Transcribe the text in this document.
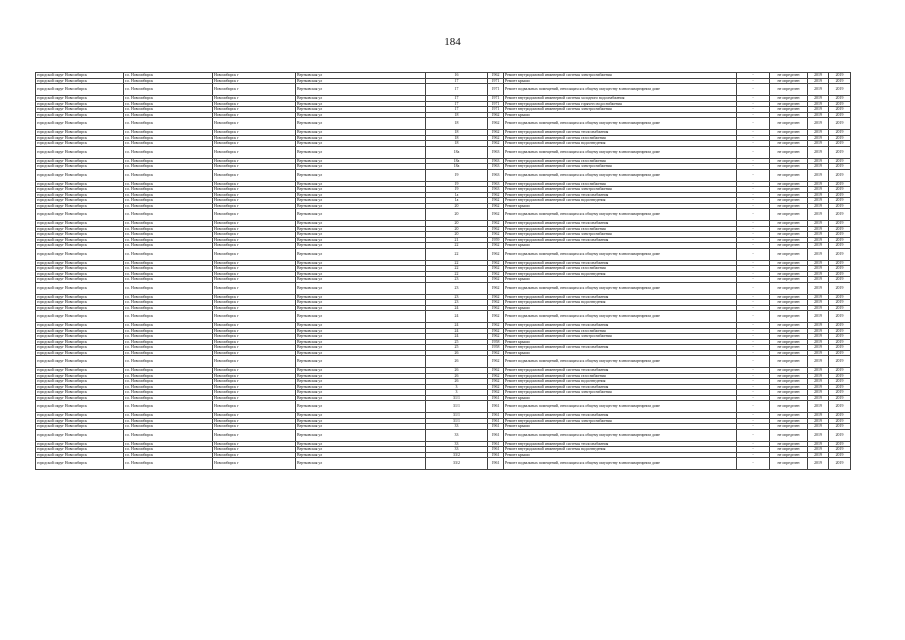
184
городской округ Новосибирск	г.о. Новосибирск	Новосибирск г	Вертковская ул	16	1962	Ремонт внутридомовой инженерной системы электроснабжения	-	не определен	2019	2019
городской округ Новосибирск	г.о. Новосибирск	Новосибирск г	Вертковская ул	17	1971	Ремонт крыши	-	не определен	2019	2019
городской округ Новосибирск	г.о. Новосибирск	Новосибирск г	Вертковская ул	17	1971	Ремонт подвальных помещений, относящихся к общему имуществу в многоквартирном доме	-	не определен	2019	2019
городской округ Новосибирск	г.о. Новосибирск	Новосибирск г	Вертковская ул	17	1971	Ремонт внутридомовой инженерной системы холодного водоснабжения	-	не определен	2019	2019
городской округ Новосибирск	г.о. Новосибирск	Новосибирск г	Вертковская ул	17	1971	Ремонт внутридомовой инженерной системы горячего водоснабжения	-	не определен	2019	2019
городской округ Новосибирск	г.о. Новосибирск	Новосибирск г	Вертковская ул	17	1971	Ремонт внутридомовой инженерной системы электроснабжения	-	не определен	2019	2019
городской округ Новосибирск	г.о. Новосибирск	Новосибирск г	Вертковская ул	18	1962	Ремонт крыши	-	не определен	2019	2019
городской округ Новосибирск	г.о. Новосибирск	Новосибирск г	Вертковская ул	18	1962	Ремонт подвальных помещений, относящихся к общему имуществу в многоквартирном доме	-	не определен	2019	2019
городской округ Новосибирск	г.о. Новосибирск	Новосибирск г	Вертковская ул	18	1962	Ремонт внутридомовой инженерной системы теплоснабжения	-	не определен	2019	2019
городской округ Новосибирск	г.о. Новосибирск	Новосибирск г	Вертковская ул	18	1962	Ремонт внутридомовой инженерной системы газоснабжения	-	не определен	2019	2019
городской округ Новосибирск	г.о. Новосибирск	Новосибирск г	Вертковская ул	18	1962	Ремонт внутридомовой инженерной системы водоотведения	-	не определен	2019	2019
городской округ Новосибирск	г.о. Новосибирск	Новосибирск г	Вертковская ул	18а	1963	Ремонт подвальных помещений, относящихся к общему имуществу в многоквартирном доме	-	не определен	2019	2019
городской округ Новосибирск	г.о. Новосибирск	Новосибирск г	Вертковская ул	18а	1963	Ремонт внутридомовой инженерной системы газоснабжения	-	не определен	2019	2019
городской округ Новосибирск	г.о. Новосибирск	Новосибирск г	Вертковская ул	18а	1963	Ремонт внутридомовой инженерной системы электроснабжения	-	не определен	2019	2019
городской округ Новосибирск	г.о. Новосибирск	Новосибирск г	Вертковская ул	19	1963	Ремонт подвальных помещений, относящихся к общему имуществу в многоквартирном доме	-	не определен	2019	2019
городской округ Новосибирск	г.о. Новосибирск	Новосибирск г	Вертковская ул	19	1963	Ремонт внутридомовой инженерной системы газоснабжения	-	не определен	2019	2019
городской округ Новосибирск	г.о. Новосибирск	Новосибирск г	Вертковская ул	19	1963	Ремонт внутридомовой инженерной системы электроснабжения	-	не определен	2019	2019
городской округ Новосибирск	г.о. Новосибирск	Новосибирск г	Вертковская ул	1а	1962	Ремонт внутридомовой инженерной системы теплоснабжения	-	не определен	2019	2019
городской округ Новосибирск	г.о. Новосибирск	Новосибирск г	Вертковская ул	1а	1962	Ремонт внутридомовой инженерной системы водоотведения	-	не определен	2019	2019
городской округ Новосибирск	г.о. Новосибирск	Новосибирск г	Вертковская ул	20	1962	Ремонт крыши	-	не определен	2019	2019
городской округ Новосибирск	г.о. Новосибирск	Новосибирск г	Вертковская ул	20	1962	Ремонт подвальных помещений, относящихся к общему имуществу в многоквартирном доме	-	не определен	2019	2019
городской округ Новосибирск	г.о. Новосибирск	Новосибирск г	Вертковская ул	20	1962	Ремонт внутридомовой инженерной системы теплоснабжения	-	не определен	2019	2019
городской округ Новосибирск	г.о. Новосибирск	Новосибирск г	Вертковская ул	20	1962	Ремонт внутридомовой инженерной системы газоснабжения	-	не определен	2019	2019
городской округ Новосибирск	г.о. Новосибирск	Новосибирск г	Вертковская ул	20	1962	Ремонт внутридомовой инженерной системы электроснабжения	-	не определен	2019	2019
городской округ Новосибирск	г.о. Новосибирск	Новосибирск г	Вертковская ул	21	1959	Ремонт внутридомовой инженерной системы теплоснабжения	-	не определен	2019	2019
городской округ Новосибирск	г.о. Новосибирск	Новосибирск г	Вертковская ул	22	1962	Ремонт крыши	-	не определен	2019	2019
городской округ Новосибирск	г.о. Новосибирск	Новосибирск г	Вертковская ул	22	1962	Ремонт подвальных помещений, относящихся к общему имуществу в многоквартирном доме	-	не определен	2019	2019
городской округ Новосибирск	г.о. Новосибирск	Новосибирск г	Вертковская ул	22	1962	Ремонт внутридомовой инженерной системы теплоснабжения	-	не определен	2019	2019
городской округ Новосибирск	г.о. Новосибирск	Новосибирск г	Вертковская ул	22	1962	Ремонт внутридомовой инженерной системы газоснабжения	-	не определен	2019	2019
городской округ Новосибирск	г.о. Новосибирск	Новосибирск г	Вертковская ул	22	1962	Ремонт внутридомовой инженерной системы водоотведения	-	не определен	2019	2019
городской округ Новосибирск	г.о. Новосибирск	Новосибирск г	Вертковская ул	23	1962	Ремонт крыши	-	не определен	2019	2019
городской округ Новосибирск	г.о. Новосибирск	Новосибирск г	Вертковская ул	23	1962	Ремонт подвальных помещений, относящихся к общему имуществу в многоквартирном доме	-	не определен	2019	2019
городской округ Новосибирск	г.о. Новосибирск	Новосибирск г	Вертковская ул	23	1962	Ремонт внутридомовой инженерной системы теплоснабжения	-	не определен	2019	2019
городской округ Новосибирск	г.о. Новосибирск	Новосибирск г	Вертковская ул	23	1962	Ремонт внутридомовой инженерной системы водоотведения	-	не определен	2019	2019
городской округ Новосибирск	г.о. Новосибирск	Новосибирск г	Вертковская ул	24	1962	Ремонт крыши	-	не определен	2019	2019
городской округ Новосибирск	г.о. Новосибирск	Новосибирск г	Вертковская ул	24	1962	Ремонт подвальных помещений, относящихся к общему имуществу в многоквартирном доме	-	не определен	2019	2019
городской округ Новосибирск	г.о. Новосибирск	Новосибирск г	Вертковская ул	24	1962	Ремонт внутридомовой инженерной системы теплоснабжения	-	не определен	2019	2019
городской округ Новосибирск	г.о. Новосибирск	Новосибирск г	Вертковская ул	24	1962	Ремонт внутридомовой инженерной системы газоснабжения	-	не определен	2019	2019
городской округ Новосибирск	г.о. Новосибирск	Новосибирск г	Вертковская ул	24	1962	Ремонт внутридомовой инженерной системы электроснабжения	-	не определен	2019	2019
городской округ Новосибирск	г.о. Новосибирск	Новосибирск г	Вертковская ул	25	1958	Ремонт крыши	-	не определен	2019	2019
городской округ Новосибирск	г.о. Новосибирск	Новосибирск г	Вертковская ул	25	1958	Ремонт внутридомовой инженерной системы теплоснабжения	-	не определен	2019	2019
городской округ Новосибирск	г.о. Новосибирск	Новосибирск г	Вертковская ул	26	1962	Ремонт крыши	-	не определен	2019	2019
городской округ Новосибирск	г.о. Новосибирск	Новосибирск г	Вертковская ул	26	1962	Ремонт подвальных помещений, относящихся к общему имуществу в многоквартирном доме	-	не определен	2019	2019
городской округ Новосибирск	г.о. Новосибирск	Новосибирск г	Вертковская ул	26	1962	Ремонт внутридомовой инженерной системы теплоснабжения	-	не определен	2019	2019
городской округ Новосибирск	г.о. Новосибирск	Новосибирск г	Вертковская ул	26	1962	Ремонт внутридомовой инженерной системы газоснабжения	-	не определен	2019	2019
городской округ Новосибирск	г.о. Новосибирск	Новосибирск г	Вертковская ул	26	1962	Ремонт внутридомовой инженерной системы водоотведения	-	не определен	2019	2019
городской округ Новосибирск	г.о. Новосибирск	Новосибирск г	Вертковская ул	3	1962	Ремонт внутридомовой инженерной системы теплоснабжения	-	не определен	2019	2019
городской округ Новосибирск	г.о. Новосибирск	Новосибирск г	Вертковская ул	3	1962	Ремонт внутридомовой инженерной системы электроснабжения	-	не определен	2019	2019
городской округ Новосибирск	г.о. Новосибирск	Новосибирск г	Вертковская ул	31/1	1961	Ремонт крыши	-	не определен	2019	2019
городской округ Новосибирск	г.о. Новосибирск	Новосибирск г	Вертковская ул	31/1	1961	Ремонт подвальных помещений, относящихся к общему имуществу в многоквартирном доме	-	не определен	2019	2019
городской округ Новосибирск	г.о. Новосибирск	Новосибирск г	Вертковская ул	31/1	1961	Ремонт внутридомовой инженерной системы теплоснабжения	-	не определен	2019	2019
городской округ Новосибирск	г.о. Новосибирск	Новосибирск г	Вертковская ул	31/1	1961	Ремонт внутридомовой инженерной системы электроснабжения	-	не определен	2019	2019
городской округ Новосибирск	г.о. Новосибирск	Новосибирск г	Вертковская ул	33	1961	Ремонт крыши	-	не определен	2019	2019
городской округ Новосибирск	г.о. Новосибирск	Новосибирск г	Вертковская ул	33	1961	Ремонт подвальных помещений, относящихся к общему имуществу в многоквартирном доме	-	не определен	2019	2019
городской округ Новосибирск	г.о. Новосибирск	Новосибирск г	Вертковская ул	33	1961	Ремонт внутридомовой инженерной системы теплоснабжения	-	не определен	2019	2019
городской округ Новосибирск	г.о. Новосибирск	Новосибирск г	Вертковская ул	33	1961	Ремонт внутридомовой инженерной системы водоотведения	-	не определен	2019	2019
городской округ Новосибирск	г.о. Новосибирск	Новосибирск г	Вертковская ул	33/2	1961	Ремонт крыши	-	не определен	2019	2019
городской округ Новосибирск	г.о. Новосибирск	Новосибирск г	Вертковская ул	33/2	1961	Ремонт подвальных помещений, относящихся к общему имуществу в многоквартирном доме	-	не определен	2019	2019
